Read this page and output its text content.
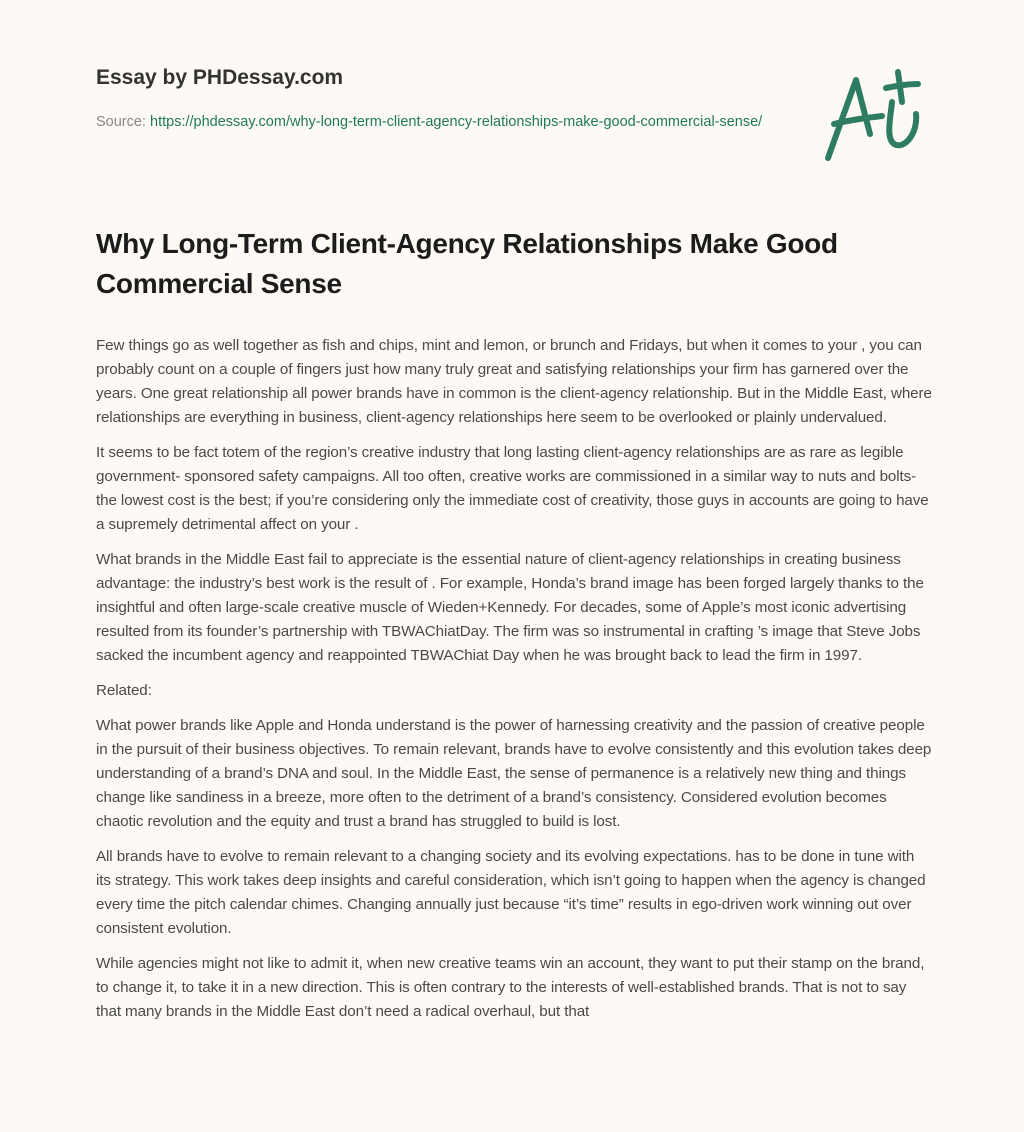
Essay by PHDessay.com
Source: https://phdessay.com/why-long-term-client-agency-relationships-make-good-commercial-sense/
Why Long-Term Client-Agency Relationships Make Good Commercial Sense

Few things go as well together as fish and chips, mint and lemon, or brunch and Fridays, but when it comes to your , you can probably count on a couple of fingers just how many truly great and satisfying relationships your firm has garnered over the years. One great relationship all power brands have in common is the client-agency relationship. But in the Middle East, where relationships are everything in business, client-agency relationships here seem to be overlooked or plainly undervalued.

It seems to be fact totem of the region’s creative industry that long lasting client-agency relationships are as rare as legible government- sponsored safety campaigns. All too often, creative works are commissioned in a similar way to nuts and bolts- the lowest cost is the best; if you’re considering only the immediate cost of creativity, those guys in accounts are going to have a supremely detrimental affect on your .

What brands in the Middle East fail to appreciate is the essential nature of client-agency relationships in creating business advantage: the industry’s best work is the result of . For example, Honda’s brand image has been forged largely thanks to the insightful and often large-scale creative muscle of Wieden+Kennedy. For decades, some of Apple’s most iconic advertising resulted from its founder’s partnership with TBWAChiatDay. The firm was so instrumental in crafting ’s image that Steve Jobs sacked the incumbent agency and reappointed TBWAChiat Day when he was brought back to lead the firm in 1997.

Related:

What power brands like Apple and Honda understand is the power of harnessing creativity and the passion of creative people in the pursuit of their business objectives. To remain relevant, brands have to evolve consistently and this evolution takes deep understanding of a brand’s DNA and soul. In the Middle East, the sense of permanence is a relatively new thing and things change like sandiness in a breeze, more often to the detriment of a brand’s consistency. Considered evolution becomes chaotic revolution and the equity and trust a brand has struggled to build is lost.

All brands have to evolve to remain relevant to a changing society and its evolving expectations. has to be done in tune with its strategy. This work takes deep insights and careful consideration, which isn’t going to happen when the agency is changed every time the pitch calendar chimes. Changing annually just because “it’s time” results in ego-driven work winning out over consistent evolution.

While agencies might not like to admit it, when new creative teams win an account, they want to put their stamp on the brand, to change it, to take it in a new direction. This is often contrary to the interests of well-established brands. That is not to say that many brands in the Middle East don’t need a radical overhaul, but that
